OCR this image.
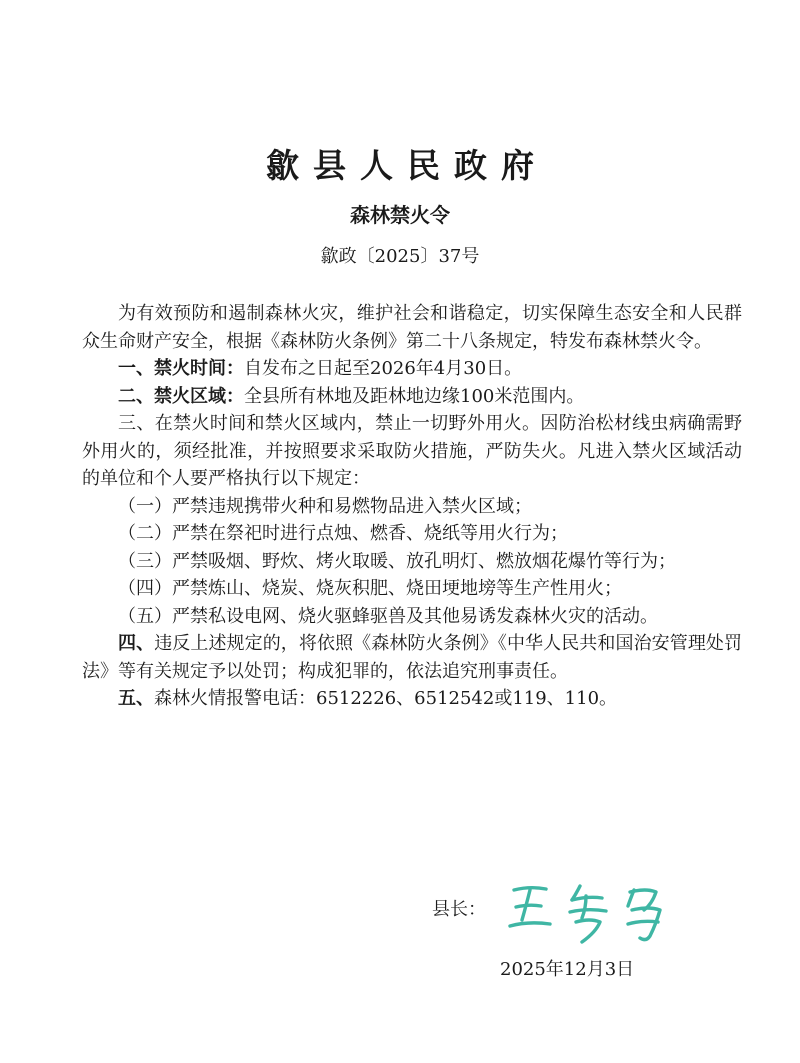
歙县人民政府
森林禁火令
歙政〔2025〕37号

为有效预防和遏制森林火灾，维护社会和谐稳定，切实保障生态安全和人民群众生命财产安全，根据《森林防火条例》第二十八条规定，特发布森林禁火令。

一、禁火时间：自发布之日起至2026年4月30日。

二、禁火区域：全县所有林地及距林地边缘100米范围内。

三、在禁火时间和禁火区域内，禁止一切野外用火。因防治松材线虫病确需野外用火的，须经批准，并按照要求采取防火措施，严防失火。凡进入禁火区域活动的单位和个人要严格执行以下规定：

（一）严禁违规携带火种和易燃物品进入禁火区域；

（二）严禁在祭祀时进行点烛、燃香、烧纸等用火行为；

（三）严禁吸烟、野炊、烤火取暖、放孔明灯、燃放烟花爆竹等行为；

（四）严禁炼山、烧炭、烧灰积肥、烧田埂地塝等生产性用火；

（五）严禁私设电网、烧火驱蜂驱兽及其他易诱发森林火灾的活动。

四、违反上述规定的，将依照《森林防火条例》《中华人民共和国治安管理处罚法》等有关规定予以处罚；构成犯罪的，依法追究刑事责任。

五、森林火情报警电话：6512226、6512542或119、110。

县长：
2025年12月3日
